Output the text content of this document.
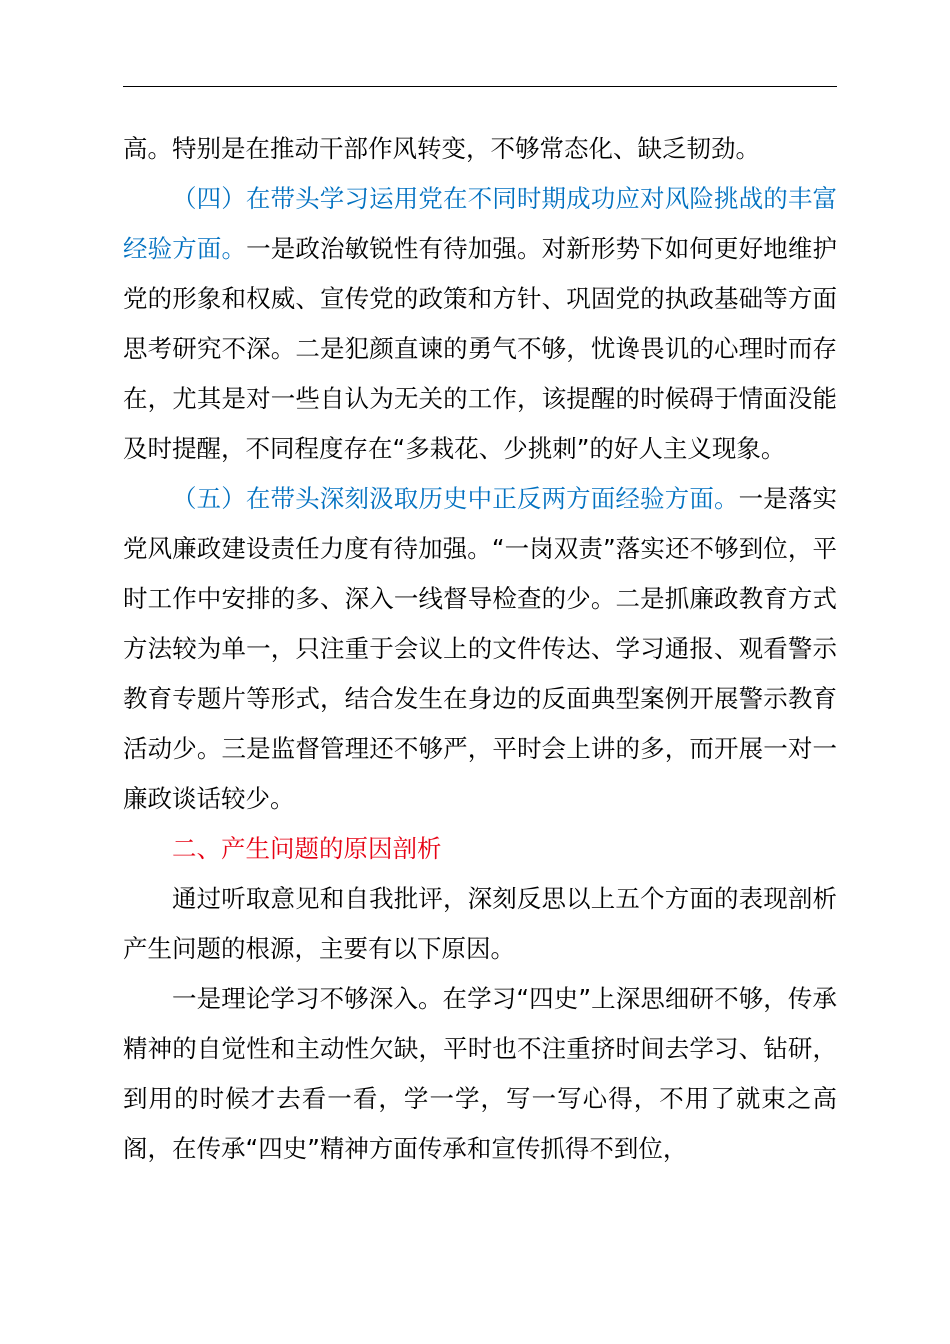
高。特别是在推动干部作风转变，不够常态化、缺乏韧劲。

（四）在带头学习运用党在不同时期成功应对风险挑战的丰富经验方面。一是政治敏锐性有待加强。对新形势下如何更好地维护党的形象和权威、宣传党的政策和方针、巩固党的执政基础等方面思考研究不深。二是犯颜直谏的勇气不够，忧谗畏讥的心理时而存在，尤其是对一些自认为无关的工作，该提醒的时候碍于情面没能及时提醒，不同程度存在“多栽花、少挑刺”的好人主义现象。

（五）在带头深刻汲取历史中正反两方面经验方面。一是落实党风廉政建设责任力度有待加强。“一岗双责”落实还不够到位，平时工作中安排的多、深入一线督导检查的少。二是抓廉政教育方式方法较为单一，只注重于会议上的文件传达、学习通报、观看警示教育专题片等形式，结合发生在身边的反面典型案例开展警示教育活动少。三是监督管理还不够严，平时会上讲的多，而开展一对一廉政谈话较少。

二、产生问题的原因剖析

通过听取意见和自我批评，深刻反思以上五个方面的表现剖析产生问题的根源，主要有以下原因。

一是理论学习不够深入。在学习“四史”上深思细研不够，传承精神的自觉性和主动性欠缺，平时也不注重挤时间去学习、钻研，到用的时候才去看一看，学一学，写一写心得，不用了就束之高阁，在传承“四史”精神方面传承和宣传抓得不到位，
